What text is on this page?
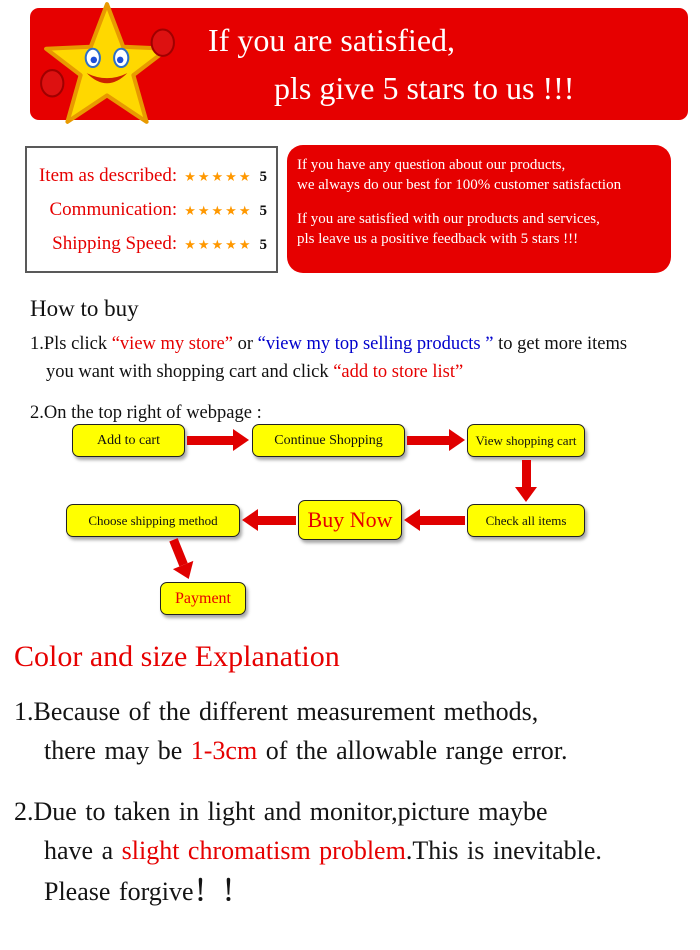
If you are satisfied,
pls give 5 stars to us !!!
Item as described: ★★★★★ 5
Communication: ★★★★★ 5
Shipping Speed: ★★★★★ 5
If you have any question about our products,
we always do our best for 100% customer satisfaction
If you are satisfied with our products and services,
pls leave us a positive feedback with 5 stars !!!
How to buy
1.Pls click “view my store” or “view my top selling products ” to get more items
you want with shopping cart and click “add to store list”
2.On the top right of webpage :
Add to cart	Continue Shopping	View shopping cart
Choose shipping method	Buy Now	Check all items
Payment
Color and size Explanation
1.Because of the different measurement methods,
there may be 1-3cm of the allowable range error.
2.Due to taken in light and monitor,picture maybe
have a slight chromatism problem.This is inevitable.
Please forgive！！
